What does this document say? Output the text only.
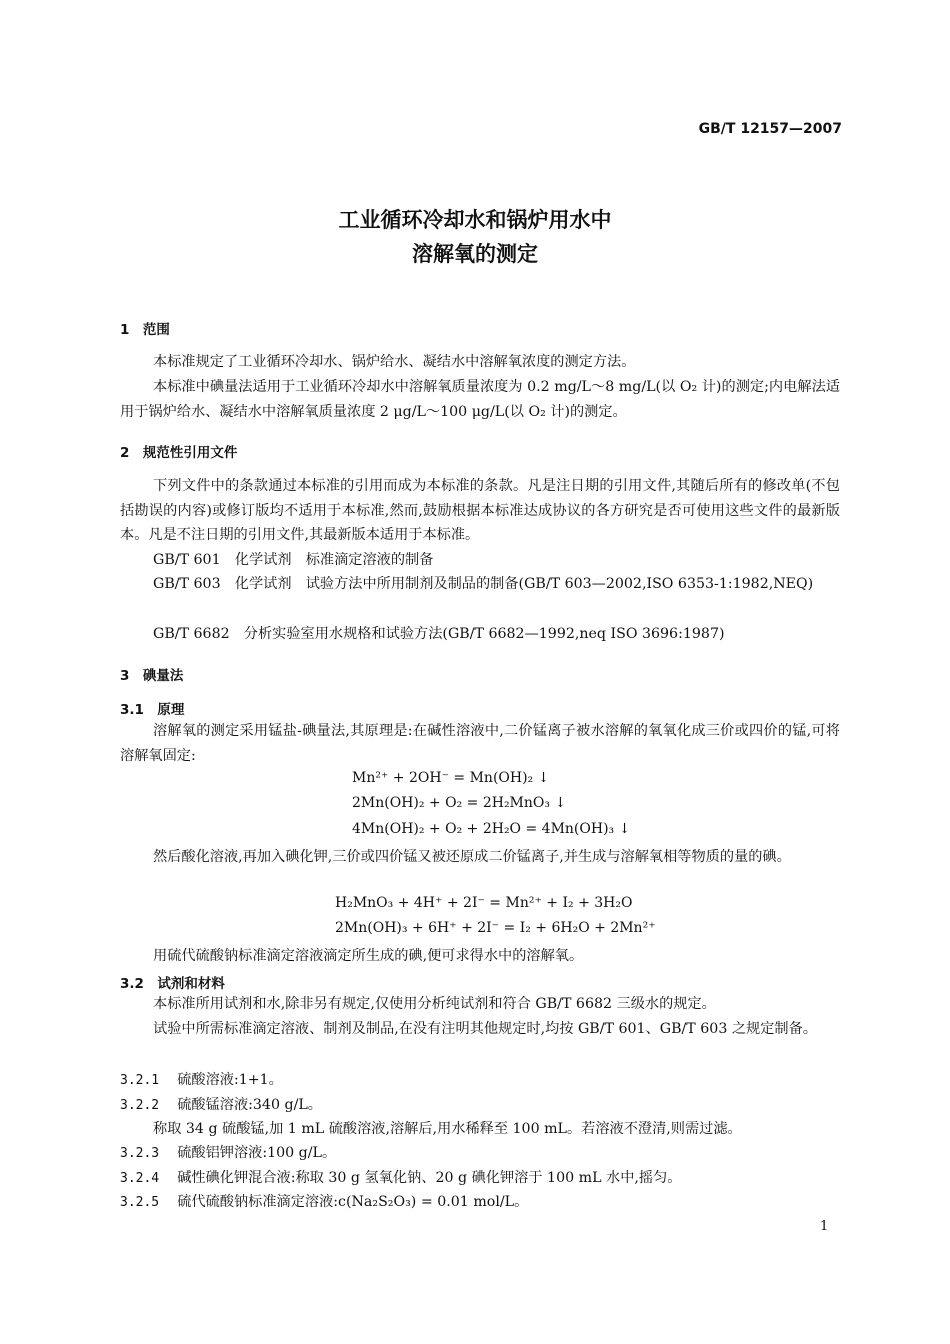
GB/T 12157—2007
工业循环冷却水和锅炉用水中
溶解氧的测定
1　范围
本标准规定了工业循环冷却水、锅炉给水、凝结水中溶解氧浓度的测定方法。
本标准中碘量法适用于工业循环冷却水中溶解氧质量浓度为 0.2 mg/L～8 mg/L(以 O₂ 计)的测定;内电解法适用于锅炉给水、凝结水中溶解氧质量浓度 2 μg/L～100 μg/L(以 O₂ 计)的测定。
2　规范性引用文件
下列文件中的条款通过本标准的引用而成为本标准的条款。凡是注日期的引用文件,其随后所有的修改单(不包括勘误的内容)或修订版均不适用于本标准,然而,鼓励根据本标准达成协议的各方研究是否可使用这些文件的最新版本。凡是不注日期的引用文件,其最新版本适用于本标准。
GB/T 601　化学试剂　标准滴定溶液的制备
GB/T 603　化学试剂　试验方法中所用制剂及制品的制备(GB/T 603—2002,ISO 6353-1:1982,NEQ)
GB/T 6682　分析实验室用水规格和试验方法(GB/T 6682—1992,neq ISO 3696:1987)
3　碘量法
3.1　原理
溶解氧的测定采用锰盐-碘量法,其原理是:在碱性溶液中,二价锰离子被水溶解的氧氧化成三价或四价的锰,可将溶解氧固定:
Mn²⁺ + 2OH⁻ = Mn(OH)₂ ↓
2Mn(OH)₂ + O₂ = 2H₂MnO₃ ↓
4Mn(OH)₂ + O₂ + 2H₂O = 4Mn(OH)₃ ↓
然后酸化溶液,再加入碘化钾,三价或四价锰又被还原成二价锰离子,并生成与溶解氧相等物质的量的碘。
H₂MnO₃ + 4H⁺ + 2I⁻ = Mn²⁺ + I₂ + 3H₂O
2Mn(OH)₃ + 6H⁺ + 2I⁻ = I₂ + 6H₂O + 2Mn²⁺
用硫代硫酸钠标准滴定溶液滴定所生成的碘,便可求得水中的溶解氧。
3.2　试剂和材料
本标准所用试剂和水,除非另有规定,仅使用分析纯试剂和符合 GB/T 6682 三级水的规定。
试验中所需标准滴定溶液、制剂及制品,在没有注明其他规定时,均按 GB/T 601、GB/T 603 之规定制备。
3.2.1 硫酸溶液:1+1。
3.2.2 硫酸锰溶液:340 g/L。
称取 34 g 硫酸锰,加 1 mL 硫酸溶液,溶解后,用水稀释至 100 mL。若溶液不澄清,则需过滤。
3.2.3 硫酸铝钾溶液:100 g/L。
3.2.4 碱性碘化钾混合液:称取 30 g 氢氧化钠、20 g 碘化钾溶于 100 mL 水中,摇匀。
3.2.5 硫代硫酸钠标准滴定溶液:c(Na₂S₂O₃) = 0.01 mol/L。
1
